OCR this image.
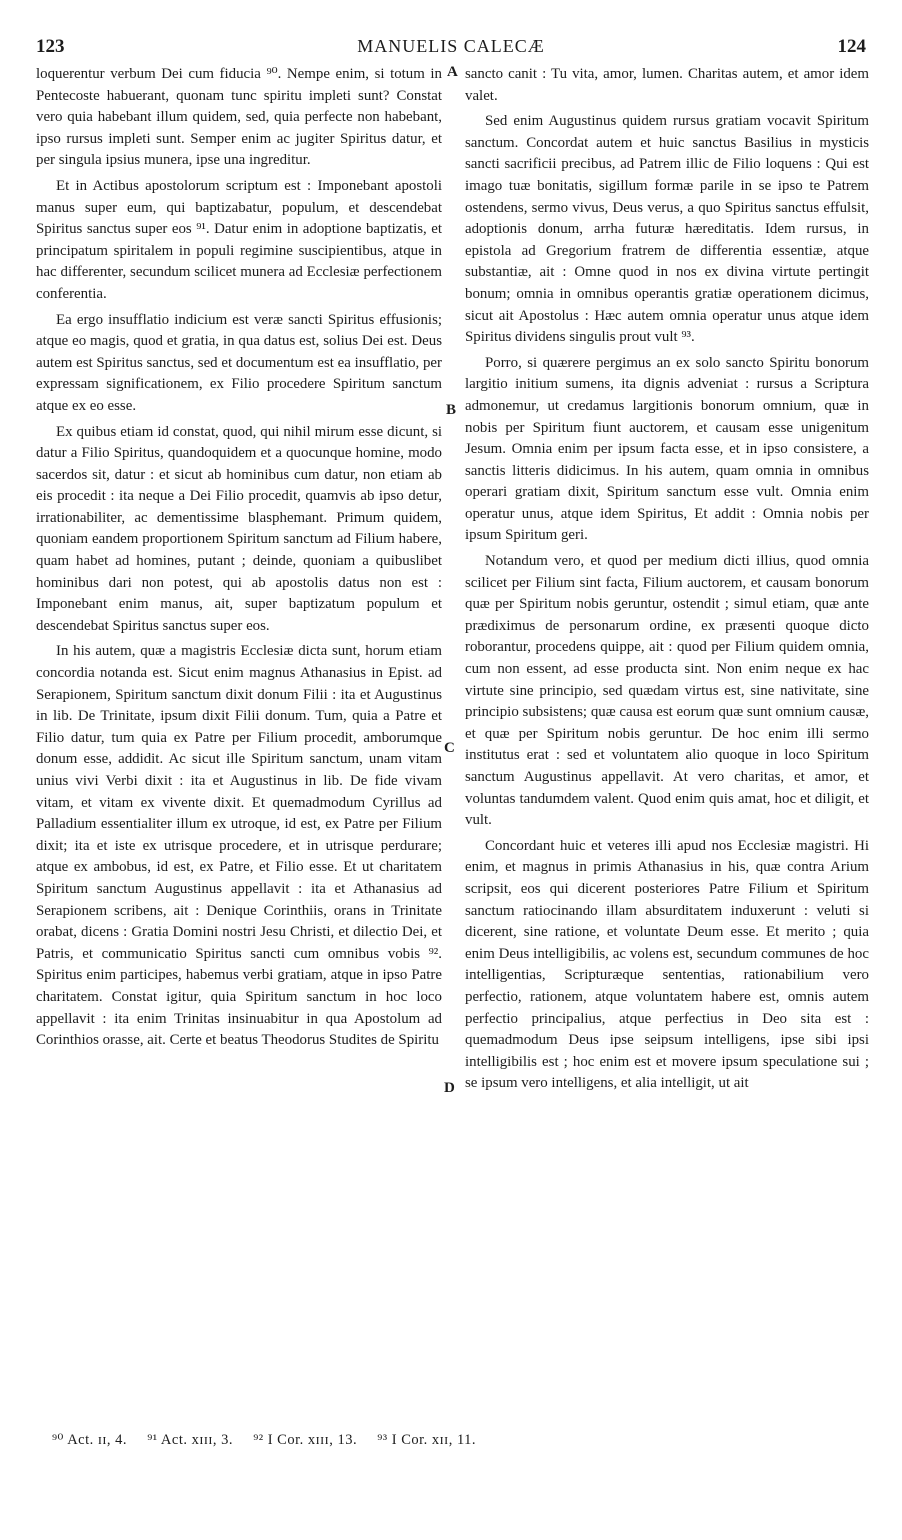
123	MANUELIS CALECÆ	124

loquerentur verbum Dei cum fiducia ⁹⁰. Nempe enim, si totum in Pentecoste habuerant, quonam tunc spiritu impleti sunt? Constat vero quia habebant illum quidem, sed, quia perfecte non habebant, ipso rursus impleti sunt. Semper enim ac jugiter Spiritus datur, et per singula ipsius munera, ipse una ingreditur.

Et in Actibus apostolorum scriptum est : Imponebant apostoli manus super eum, qui baptizabatur, populum, et descendebat Spiritus sanctus super eos ⁹¹. Datur enim in adoptione baptizatis, et principatum spiritalem in populi regimine suscipientibus, atque in hac differenter, secundum scilicet munera ad Ecclesiæ perfectionem conferentia.

Ea ergo insufflatio indicium est veræ sancti Spiritus effusionis; atque eo magis, quod et gratia, in qua datus est, solius Dei est. Deus autem est Spiritus sanctus, sed et documentum est ea insufflatio, per expressam significationem, ex Filio procedere Spiritum sanctum atque ex eo esse.

Ex quibus etiam id constat, quod, qui nihil mirum esse dicunt, si datur a Filio Spiritus, quandoquidem et a quocunque homine, modo sacerdos sit, datur : et sicut ab hominibus cum datur, non etiam ab eis procedit : ita neque a Dei Filio procedit, quamvis ab ipso detur, irrationabiliter, ac dementissime blasphemant. Primum quidem, quoniam eandem proportionem Spiritum sanctum ad Filium habere, quam habet ad homines, putant ; deinde, quoniam a quibuslibet hominibus dari non potest, qui ab apostolis datus non est : Imponebant enim manus, ait, super baptizatum populum et descendebat Spiritus sanctus super eos.

In his autem, quæ a magistris Ecclesiæ dicta sunt, horum etiam concordia notanda est. Sicut enim magnus Athanasius in Epist. ad Serapionem, Spiritum sanctum dixit donum Filii : ita et Augustinus in lib. De Trinitate, ipsum dixit Filii donum. Tum, quia a Patre et Filio datur, tum quia ex Patre per Filium procedit, amborumque donum esse, addidit. Ac sicut ille Spiritum sanctum, unam vitam unius vivi Verbi dixit : ita et Augustinus in lib. De fide vivam vitam, et vitam ex vivente dixit. Et quemadmodum Cyrillus ad Palladium essentialiter illum ex utroque, id est, ex Patre per Filium dixit; ita et iste ex utrisque procedere, et in utrisque perdurare; atque ex ambobus, id est, ex Patre, et Filio esse. Et ut charitatem Spiritum sanctum Augustinus appellavit : ita et Athanasius ad Serapionem scribens, ait : Denique Corinthiis, orans in Trinitate orabat, dicens : Gratia Domini nostri Jesu Christi, et dilectio Dei, et Patris, et communicatio Spiritus sancti cum omnibus vobis ⁹². Spiritus enim participes, habemus verbi gratiam, atque in ipso Patre charitatem. Constat igitur, quia Spiritum sanctum in hoc loco appellavit : ita enim Trinitas insinuabitur in qua Apostolum ad Corinthios orasse, ait. Certe et beatus Theodorus Studites de Spiritu

A
B
C
D

sancto canit : Tu vita, amor, lumen. Charitas autem, et amor idem valet.

Sed enim Augustinus quidem rursus gratiam vocavit Spiritum sanctum. Concordat autem et huic sanctus Basilius in mysticis sancti sacrificii precibus, ad Patrem illic de Filio loquens : Qui est imago tuæ bonitatis, sigillum formæ parile in se ipso te Patrem ostendens, sermo vivus, Deus verus, a quo Spiritus sanctus effulsit, adoptionis donum, arrha futuræ hæreditatis. Idem rursus, in epistola ad Gregorium fratrem de differentia essentiæ, atque substantiæ, ait : Omne quod in nos ex divina virtute pertingit bonum; omnia in omnibus operantis gratiæ operationem dicimus, sicut ait Apostolus : Hæc autem omnia operatur unus atque idem Spiritus dividens singulis prout vult ⁹³.

Porro, si quærere pergimus an ex solo sancto Spiritu bonorum largitio initium sumens, ita dignis adveniat : rursus a Scriptura admonemur, ut credamus largitionis bonorum omnium, quæ in nobis per Spiritum fiunt auctorem, et causam esse unigenitum Jesum. Omnia enim per ipsum facta esse, et in ipso consistere, a sanctis litteris didicimus. In his autem, quam omnia in omnibus operari gratiam dixit, Spiritum sanctum esse vult. Omnia enim operatur unus, atque idem Spiritus, Et addit : Omnia nobis per ipsum Spiritum geri.

Notandum vero, et quod per medium dicti illius, quod omnia scilicet per Filium sint facta, Filium auctorem, et causam bonorum quæ per Spiritum nobis geruntur, ostendit ; simul etiam, quæ ante prædiximus de personarum ordine, ex præsenti quoque dicto roborantur, procedens quippe, ait : quod per Filium quidem omnia, cum non essent, ad esse producta sint. Non enim neque ex hac virtute sine principio, sed quædam virtus est, sine nativitate, sine principio subsistens; quæ causa est eorum quæ sunt omnium causæ, et quæ per Spiritum nobis geruntur. De hoc enim illi sermo institutus erat : sed et voluntatem alio quoque in loco Spiritum sanctum Augustinus appellavit. At vero charitas, et amor, et voluntas tandumdem valent. Quod enim quis amat, hoc et diligit, et vult.

Concordant huic et veteres illi apud nos Ecclesiæ magistri. Hi enim, et magnus in primis Athanasius in his, quæ contra Arium scripsit, eos qui dicerent posteriores Patre Filium et Spiritum sanctum ratiocinando illam absurditatem induxerunt : veluti si dicerent, sine ratione, et voluntate Deum esse. Et merito ; quia enim Deus intelligibilis, ac volens est, secundum communes de hoc intelligentias, Scripturæque sententias, rationabilium vero perfectio, rationem, atque voluntatem habere est, omnis autem perfectio principalius, atque perfectius in Deo sita est : quemadmodum Deus ipse seipsum intelligens, ipse sibi ipsi intelligibilis est ; hoc enim est et movere ipsum speculatione sui ; se ipsum vero intelligens, et alia intelligit, ut ait

⁹⁰ Act. ɪɪ, 4. ⁹¹ Act. xɪɪɪ, 3. ⁹² I Cor. xɪɪɪ, 13. ⁹³ I Cor. xɪɪ, 11.
